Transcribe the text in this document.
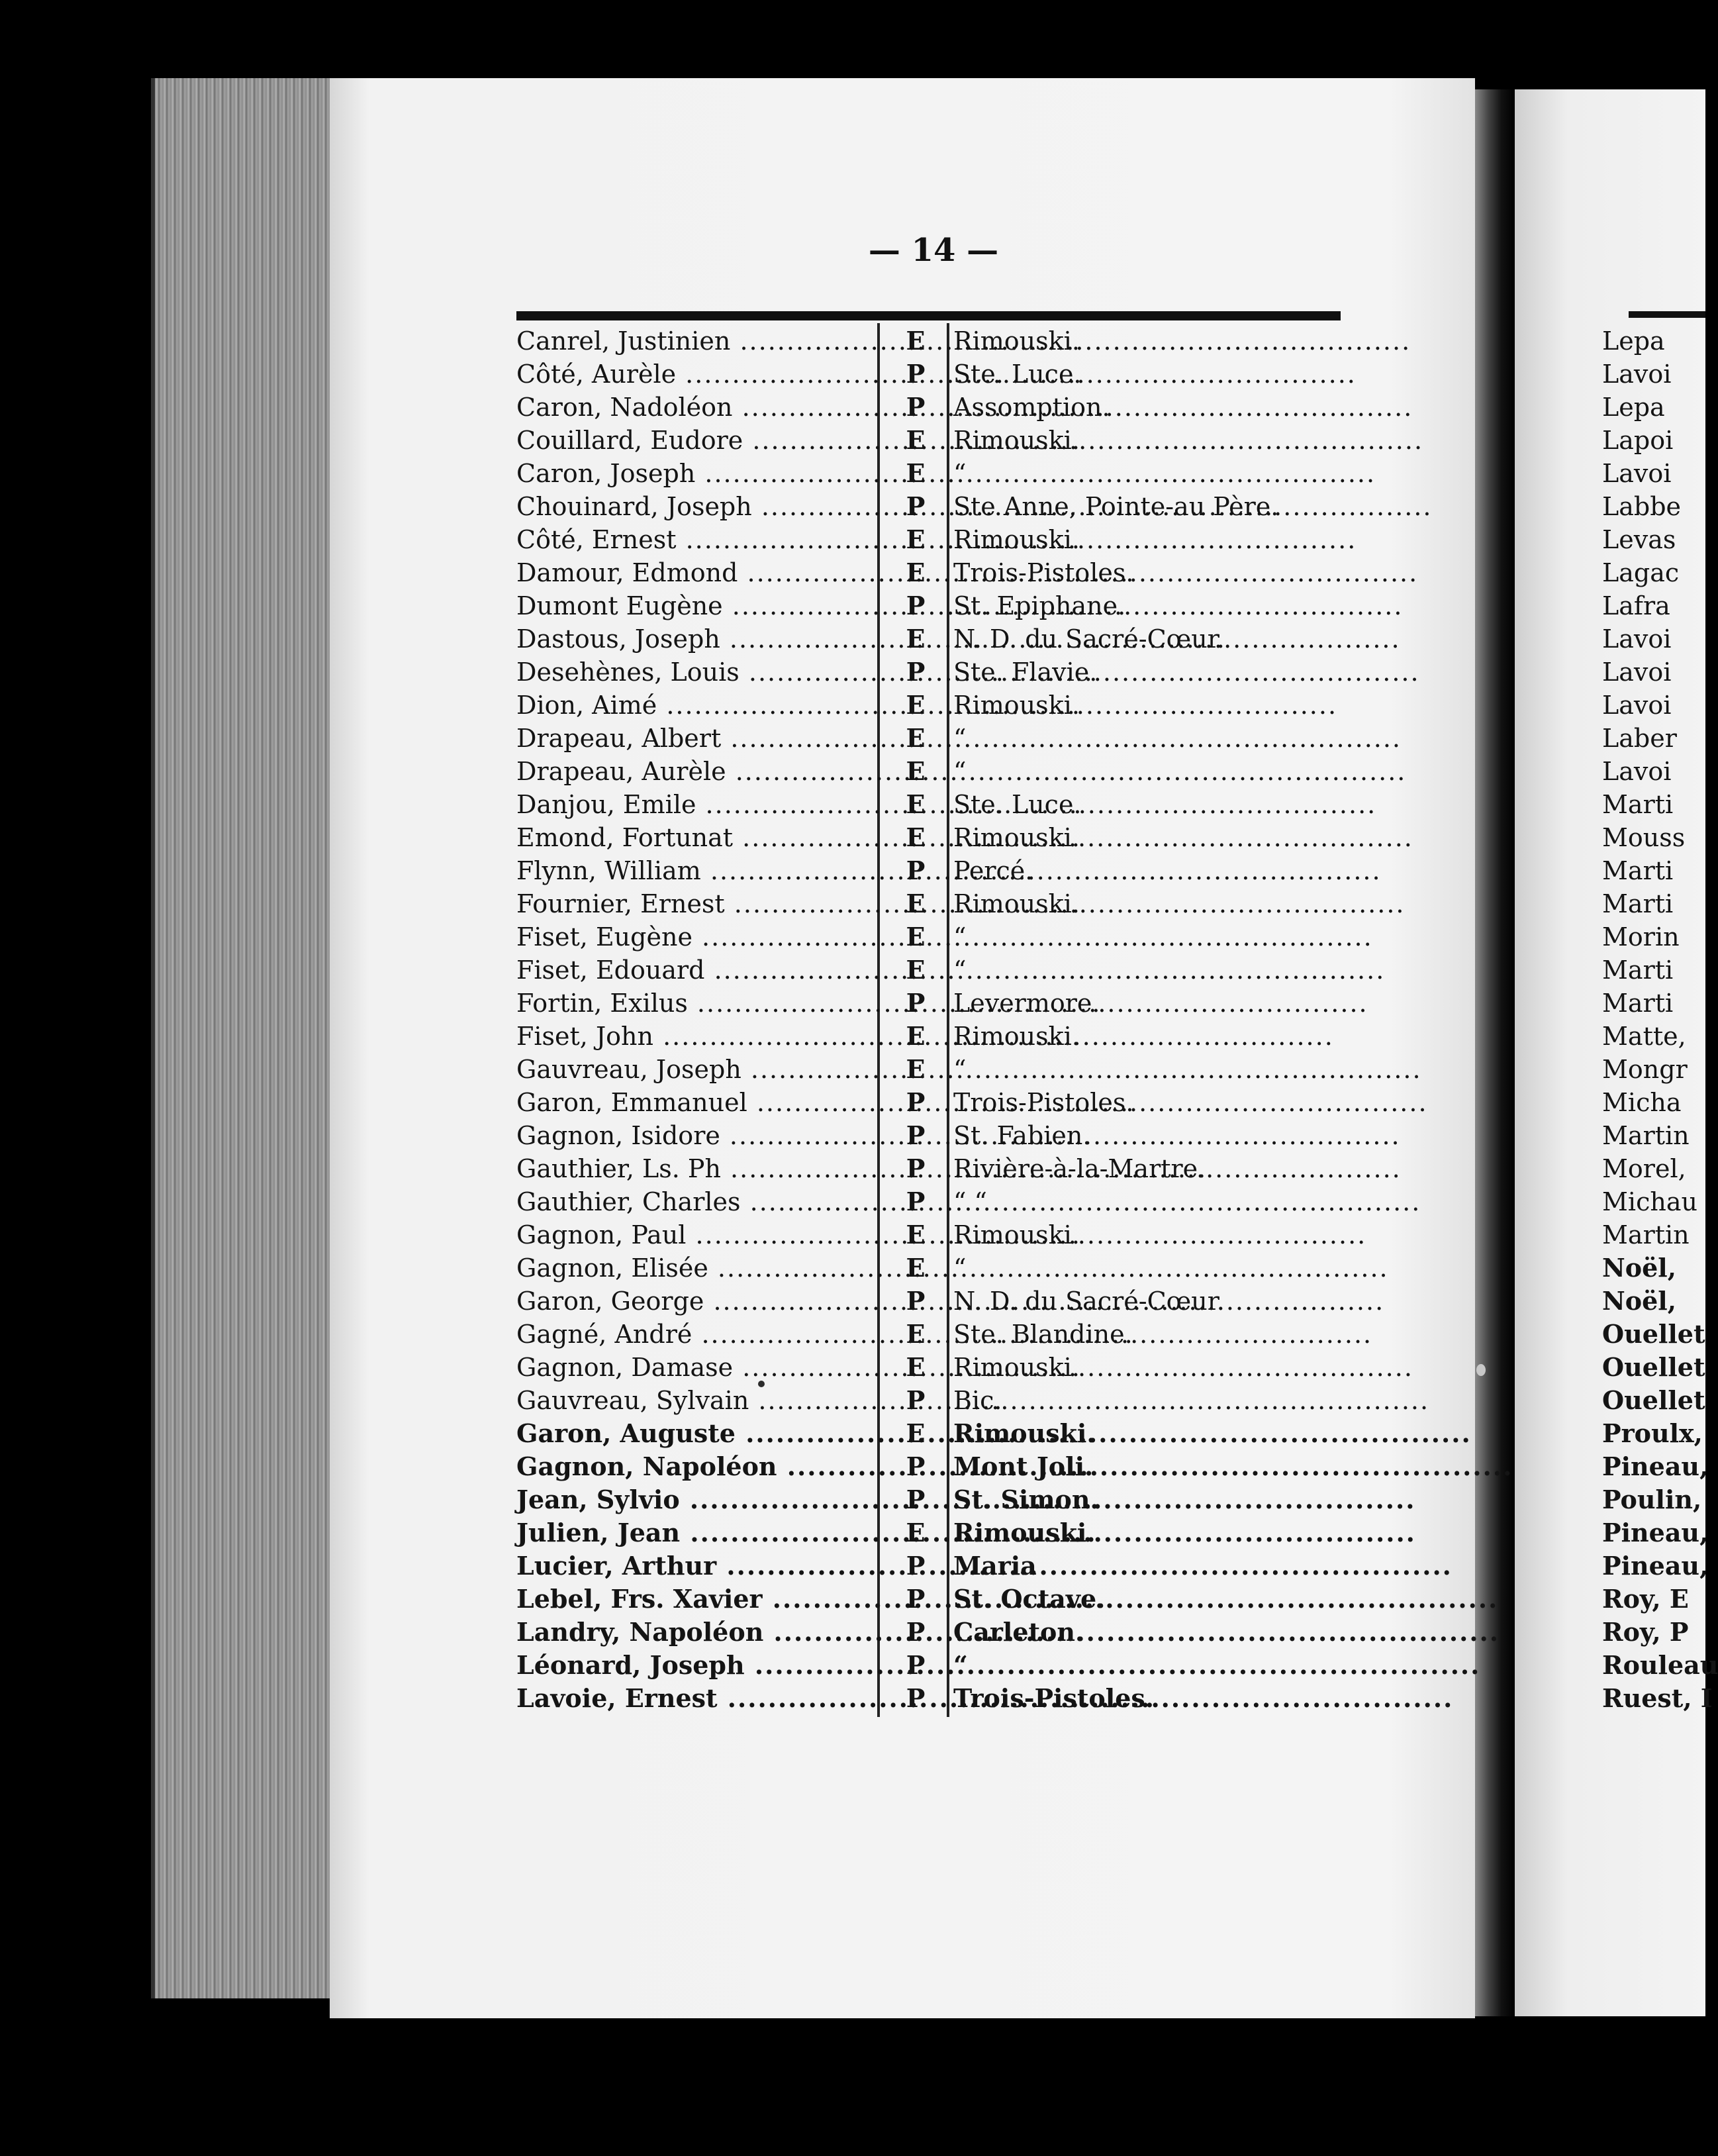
— 14 —
Canrel, Justinien .....	E Rimouski.
Côté, Aurèle .....	P Ste. Luce.
Caron, Nadoléon .....	P Assomption.
Couillard, Eudore .....	E Rimouski.
Caron, Joseph .....	E “
Chouinard, Joseph .....	P Ste Anne, Pointe-au Père.
Côté, Ernest .....	E Rimouski.
Damour, Edmond .....	E Trois-Pistoles.
Dumont Eugène .....	P St. Epiphane.
Dastous, Joseph .....	E N. D. du Sacré-Cœur.
Desehènes, Louis .....	P Ste. Flavie.
Dion, Aimé .....	E Rimouski.
Drapeau, Albert .....	E “
Drapeau, Aurèle .....	E “
Danjou, Emile .....	E Ste. Luce.
Emond, Fortunat .....	E Rimouski.
Flynn, William .....	P Percé.
Fournier, Ernest .....	E Rimouski.
Fiset, Eugène .....	E “
Fiset, Edouard .....	E “
Fortin, Exilus .....	P Levermore.
Fiset, John .....	E Rimouski.
Gauvreau, Joseph .....	E “
Garon, Emmanuel .....	P Trois-Pistoles.
Gagnon, Isidore .....	P St. Fabien.
Gauthier, Ls. Ph .....	P Rivière-à-la-Martre.
Gauthier, Charles .....	P “ “
Gagnon, Paul .....	E Rimouski.
Gagnon, Elisée .....	E “
Garon, George .....	P N. D. du Sacré-Cœur.
Gagné, André .....	E Ste. Blandine.
Gagnon, Damase .....	E Rimouski.
Gauvreau, Sylvain .....	P Bic.
Garon, Auguste .....	E Rimouski.
Gagnon, Napoléon .....	P Mont Joli.
Jean, Sylvio .....	P St. Simon.
Julien, Jean .....	E Rimouski.
Lucier, Arthur .....	P Maria
Lebel, Frs. Xavier .....	P St. Octave.
Landry, Napoléon .....	P Carleton.
Léonard, Joseph .....	P “
Lavoie, Ernest .....	P Trois-Pistoles.
Lepa
Lavoi
Lepa
Lapoi
Lavoi
Labbe
Levas
Lagac
Lafra
Lavoi
Lavoi
Lavoi
Laber
Lavoi
Marti
Mouss
Marti
Marti
Morin
Marti
Marti
Matte,
Mongr
Micha
Martin
Morel,
Michau
Martin
Noël,
Noël,
Ouellet
Ouellet
Ouellet
Proulx,
Pineau,
Poulin,
Pineau,
Pineau,
Roy, E
Roy, P
Rouleau
Ruest, I
